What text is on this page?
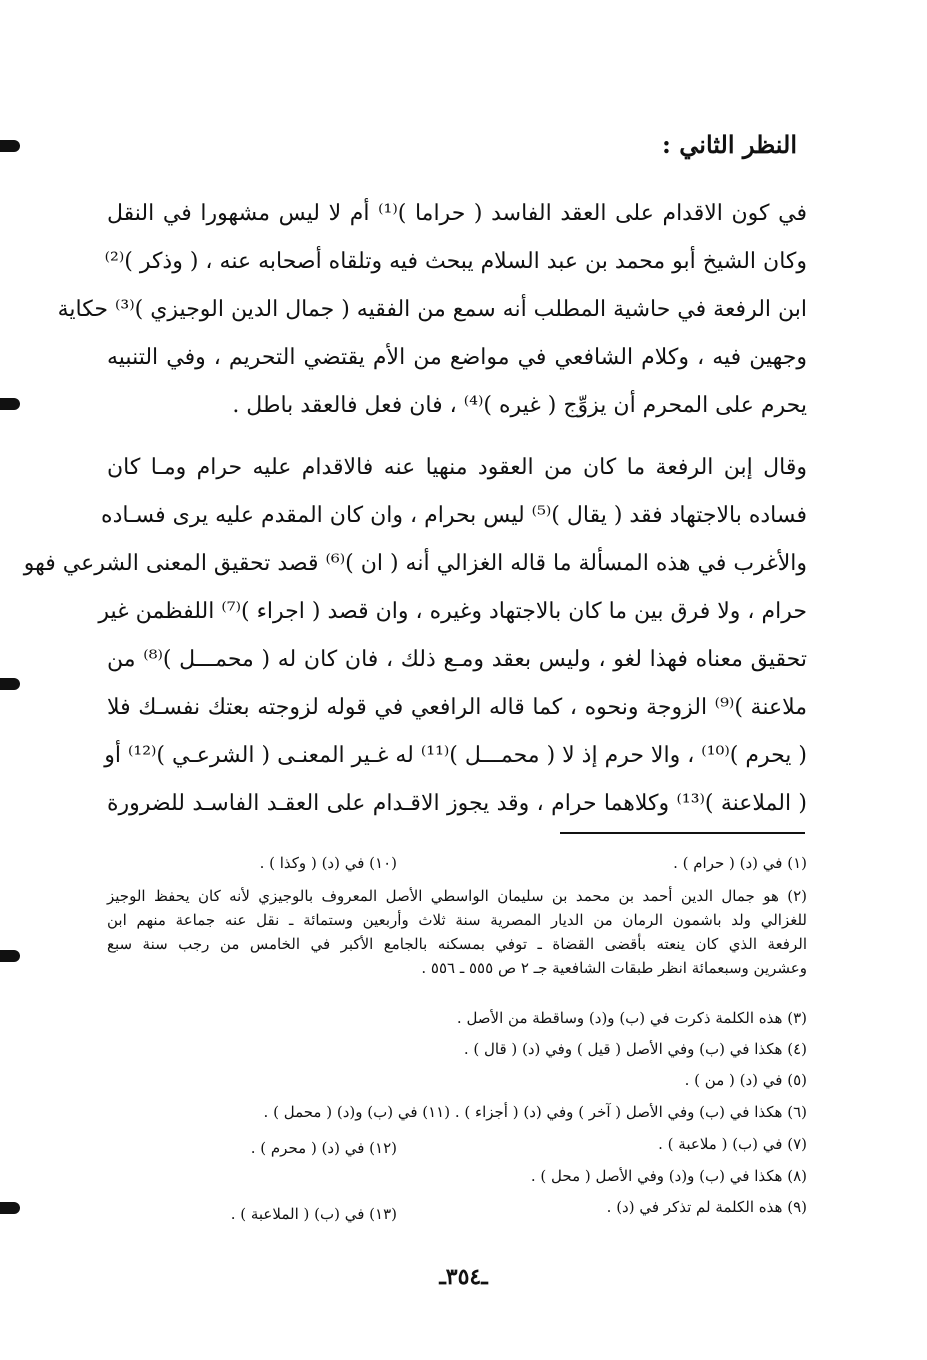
النظر الثاني :
في كون الاقدام على العقد الفاسد ( حراما )⁽¹⁾ أم لا ليس مشهورا في النقل
وكان الشيخ أبو محمد بن عبد السلام يبحث فيه وتلقاه أصحابه عنه ، ( وذكر )⁽²⁾
ابن الرفعة في حاشية المطلب أنه سمع من الفقيه ( جمال الدين الوجيزي )⁽³⁾ حكاية
وجهين فيه ، وكلام الشافعي في مواضع من الأم يقتضي التحريم ، وفي التنبيه
يحرم على المحرم أن يزوِّج ( غيره )⁽⁴⁾ ، فان فعل فالعقد باطل .
وقال إبن الرفعة ما كان من العقود منهيا عنه فالاقدام عليه حرام ومـا كان
فساده بالاجتهاد فقد ( يقال )⁽⁵⁾ ليس بحرام ، وان كان المقدم عليه يرى فسـاده
والأغرب في هذه المسألة ما قاله الغزالي أنه ( ان )⁽⁶⁾ قصد تحقيق المعنى الشرعي فهو
حرام ، ولا فرق بين ما كان بالاجتهاد وغيره ، وان قصد ( اجراء )⁽⁷⁾ اللفظمن غير
تحقيق معناه فهذا لغو ، وليس بعقد ومـع ذلك ، فان كان له ( محمـــل )⁽⁸⁾ من
ملاعنة )⁽⁹⁾ الزوجة ونحوه ، كما قاله الرافعي في قوله لزوجته بعتك نفسـك فلا
( يحرم )⁽¹⁰⁾ ، والا حرم إذ لا ( محمـــل )⁽¹¹⁾ له غـير المعنـى ( الشرعـي )⁽¹²⁾ أو
( الملاعنة )⁽¹³⁾ وكلاهما حرام ، وقد يجوز الاقـدام على العقـد الفاسـد للضرورة
(١) في (د) ( حرام ) .
(١٠) في (د) ( وكذا ) .
(٢) هو جمال الدين أحمد بن محمد بن سليمان الواسطي الأصل المعروف بالوجيزي لأنه كان يحفظ الوجيز
للغزالي ولد باشمون الرمان من الديار المصرية سنة ثلاث وأربعين وستمائة ـ نقل عنه جماعة منهم ابن
الرفعة الذي كان ينعته بأقضى القضاة ـ توفي بمسكنه بالجامع الأكبر في الخامس من رجب سنة سبع
وعشرين وسبعمائة انظر طبقات الشافعية جـ ٢ ص ٥٥٥ ـ ٥٥٦ .
(٣) هذه الكلمة ذكرت في (ب) و(د) وساقطة من الأصل .
(٤) هكذا في (ب) وفي الأصل ( قيل ) وفي (د) ( قال ) .
(٥) في (د) ( من ) .
(٦) هكذا في (ب) وفي الأصل ( آخر ) وفي (د) ( أجزاء ) . (١١) في (ب) و(د) ( محمل ) .
(٧) في (ب) ( ملاعبة ) .
(١٢) في (د) ( محرم ) .
(٨) هكذا في (ب) و(د) وفي الأصل ( محل ) .
(٩) هذه الكلمة لم تذكر في (د) .
(١٣) في (ب) ( الملاعبة ) .
ـ٣٥٤ـ
